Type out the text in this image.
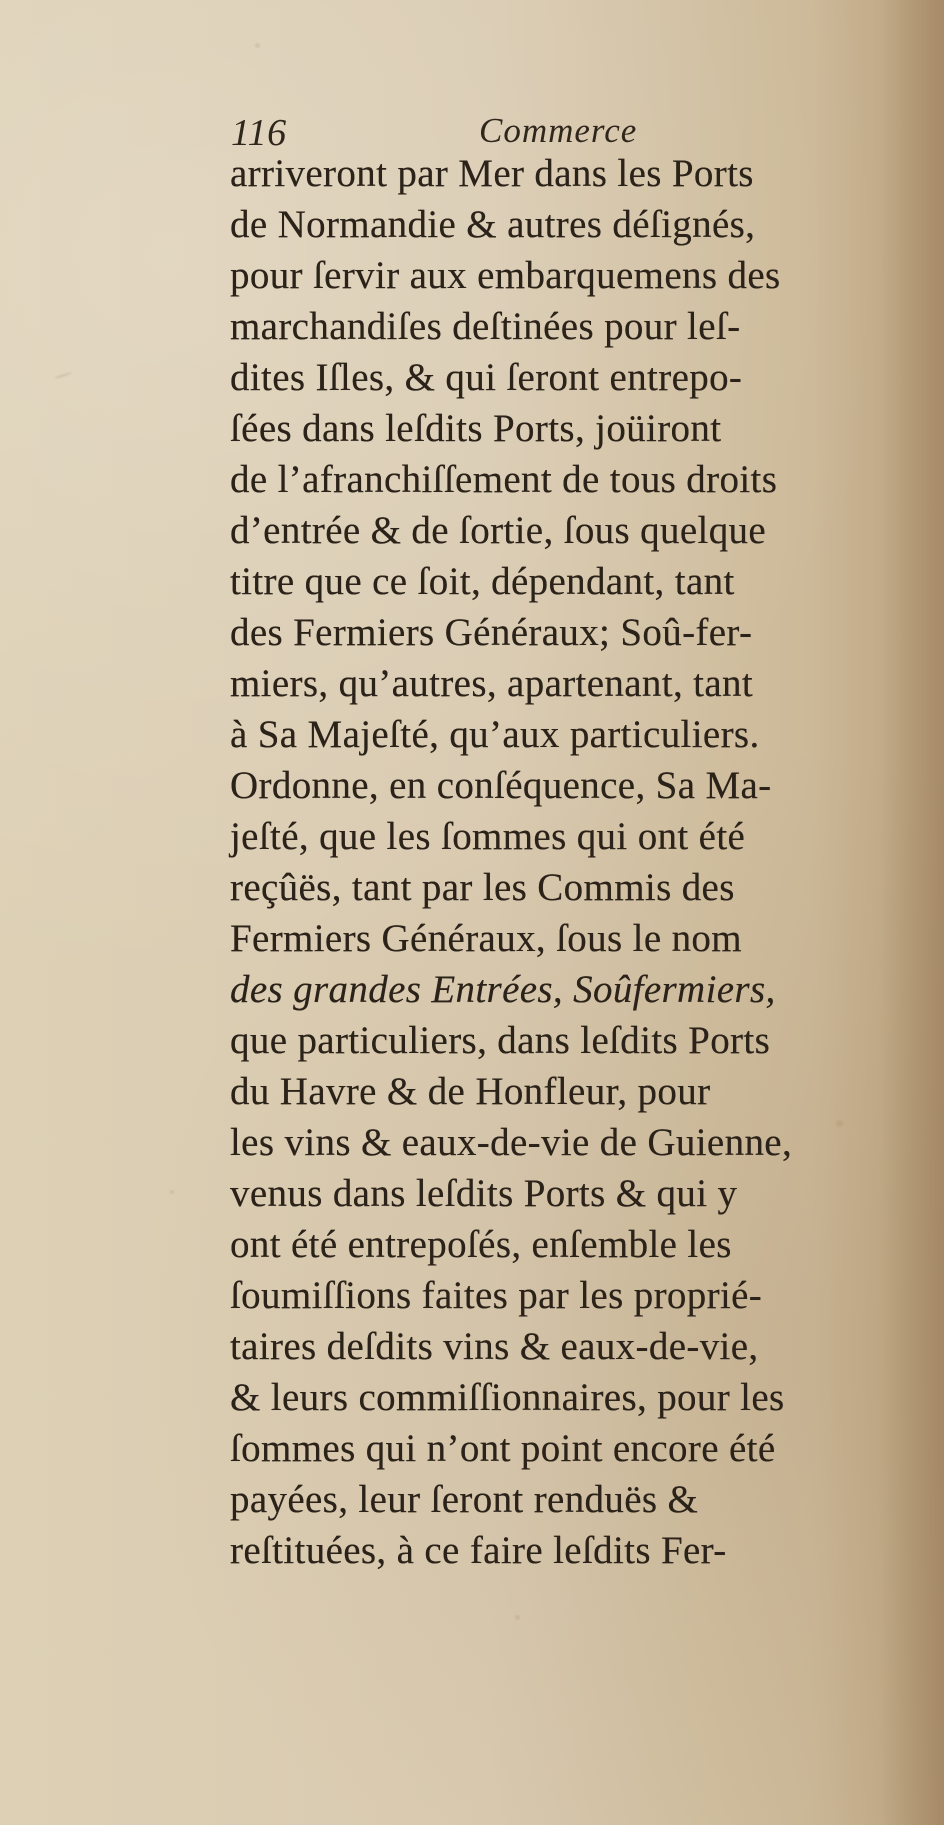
116	Commerce
arriveront par Mer dans les Ports
de Normandie & autres déſignés,
pour ſervir aux embarquemens des
marchandiſes deſtinées pour leſ-
dites Iſles, & qui ſeront entrepo-
ſées dans leſdits Ports, joüiront
de l’afranchiſſement de tous droits
d’entrée & de ſortie, ſous quelque
titre que ce ſoit, dépendant, tant
des Fermiers Généraux; Soû-fer-
miers, qu’autres, apartenant, tant
à Sa Majeſté, qu’aux particuliers.
Ordonne, en conſéquence, Sa Ma-
jeſté, que les ſommes qui ont été
reçûës, tant par les Commis des
Fermiers Généraux, ſous le nom
des grandes Entrées, Soûfermiers,
que particuliers, dans leſdits Ports
du Havre & de Honfleur, pour
les vins & eaux-de-vie de Guienne,
venus dans leſdits Ports & qui y
ont été entrepoſés, enſemble les
ſoumiſſions faites par les proprié-
taires deſdits vins & eaux-de-vie,
& leurs commiſſionnaires, pour les
ſommes qui n’ont point encore été
payées, leur ſeront renduës &
reſtituées, à ce faire leſdits Fer-
